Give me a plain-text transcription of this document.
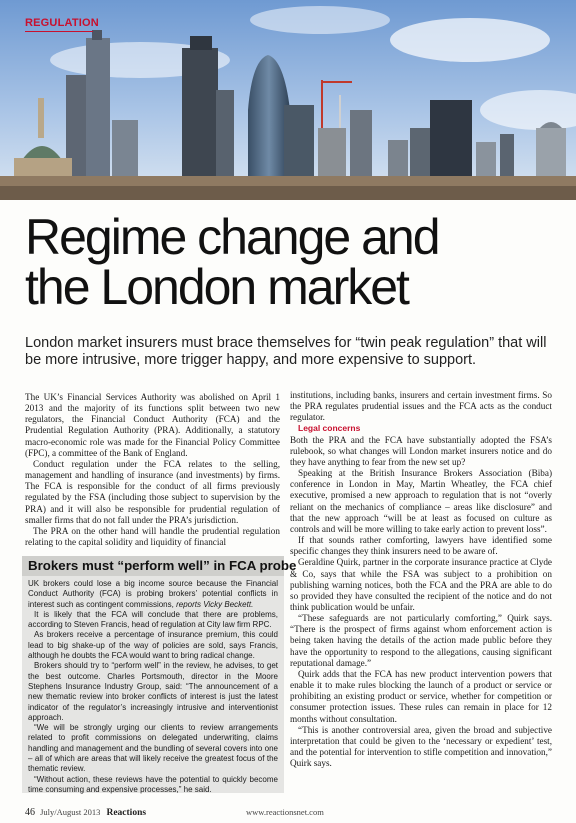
REGULATION
Regime change and
the London market

London market insurers must brace themselves for “twin peak regulation” that will be more intrusive, more trigger happy, and more expensive to support.

The UK’s Financial Services Authority was abolished on April 1 2013 and the majority of its functions split between two new regulators, the Financial Conduct Authority (FCA) and the Prudential Regulation Authority (PRA). Additionally, a statutory macro-economic role was made for the Financial Policy Committee (FPC), a committee of the Bank of England.

Conduct regulation under the FCA relates to the selling, management and handling of insurance (and investments) by firms. The FCA is responsible for the conduct of all firms previously regulated by the FSA (including those subject to supervision by the PRA) and it will also be responsible for prudential regulation of smaller firms that do not fall under the PRA’s jurisdiction.

The PRA on the other hand will handle the prudential regulation relating to the capital solidity and liquidity of financial

Brokers must “perform well” in FCA probe

UK brokers could lose a big income source because the Financial Conduct Authority (FCA) is probing brokers’ potential conflicts in interest such as contingent commissions, reports Vicky Beckett.

It is likely that the FCA will conclude that there are problems, according to Steven Francis, head of regulation at City law firm RPC.

As brokers receive a percentage of insurance premium, this could lead to big shake-up of the way of policies are sold, says Francis, although he doubts the FCA would want to bring radical change.

Brokers should try to “perform well” in the review, he advises, to get the best outcome. Charles Portsmouth, director in the Moore Stephens Insurance Industry Group, said: “The announcement of a new thematic review into broker conflicts of interest is just the latest indicator of the regulator’s increasingly intrusive and interventionist approach.

“We will be strongly urging our clients to review arrangements related to profit commissions on delegated underwriting, claims handling and management and the bundling of several covers into one – all of which are areas that will likely receive the greatest focus of the thematic review.

“Without action, these reviews have the potential to quickly become time consuming and expensive processes,” he said.

institutions, including banks, insurers and certain investment firms. So the PRA regulates prudential issues and the FCA acts as the conduct regulator.

Legal concerns

Both the PRA and the FCA have substantially adopted the FSA’s rulebook, so what changes will London market insurers notice and do they have anything to fear from the new set up?

Speaking at the British Insurance Brokers Association (Biba) conference in London in May, Martin Wheatley, the FCA chief executive, promised a new approach to regulation that is not “overly reliant on the mechanics of compliance – areas like disclosure” and that the new approach “will be at least as focused on culture as controls and will be more willing to take early action to prevent loss”.

If that sounds rather comforting, lawyers have identified some specific changes they think insurers need to be aware of.

Geraldine Quirk, partner in the corporate insurance practice at Clyde & Co, says that while the FSA was subject to a prohibition on publishing warning notices, both the FCA and the PRA are able to do so provided they have consulted the recipient of the notice and do not think publication would be unfair.

“These safeguards are not particularly comforting,” Quirk says. “There is the prospect of firms against whom enforcement action is being taken having the details of the action made public before they have the opportunity to respond to the allegations, causing significant reputational damage.”

Quirk adds that the FCA has new product intervention powers that enable it to make rules blocking the launch of a product or service or prohibiting an existing product or service, whether for competition or consumer protection issues. These rules can remain in place for 12 months without consultation.

“This is another controversial area, given the broad and subjective interpretation that could be given to the ‘necessary or expedient’ test, and the potential for intervention to stifle competition and innovation,” Quirk says.

46 July/August 2013 Reactions	www.reactionsnet.com
